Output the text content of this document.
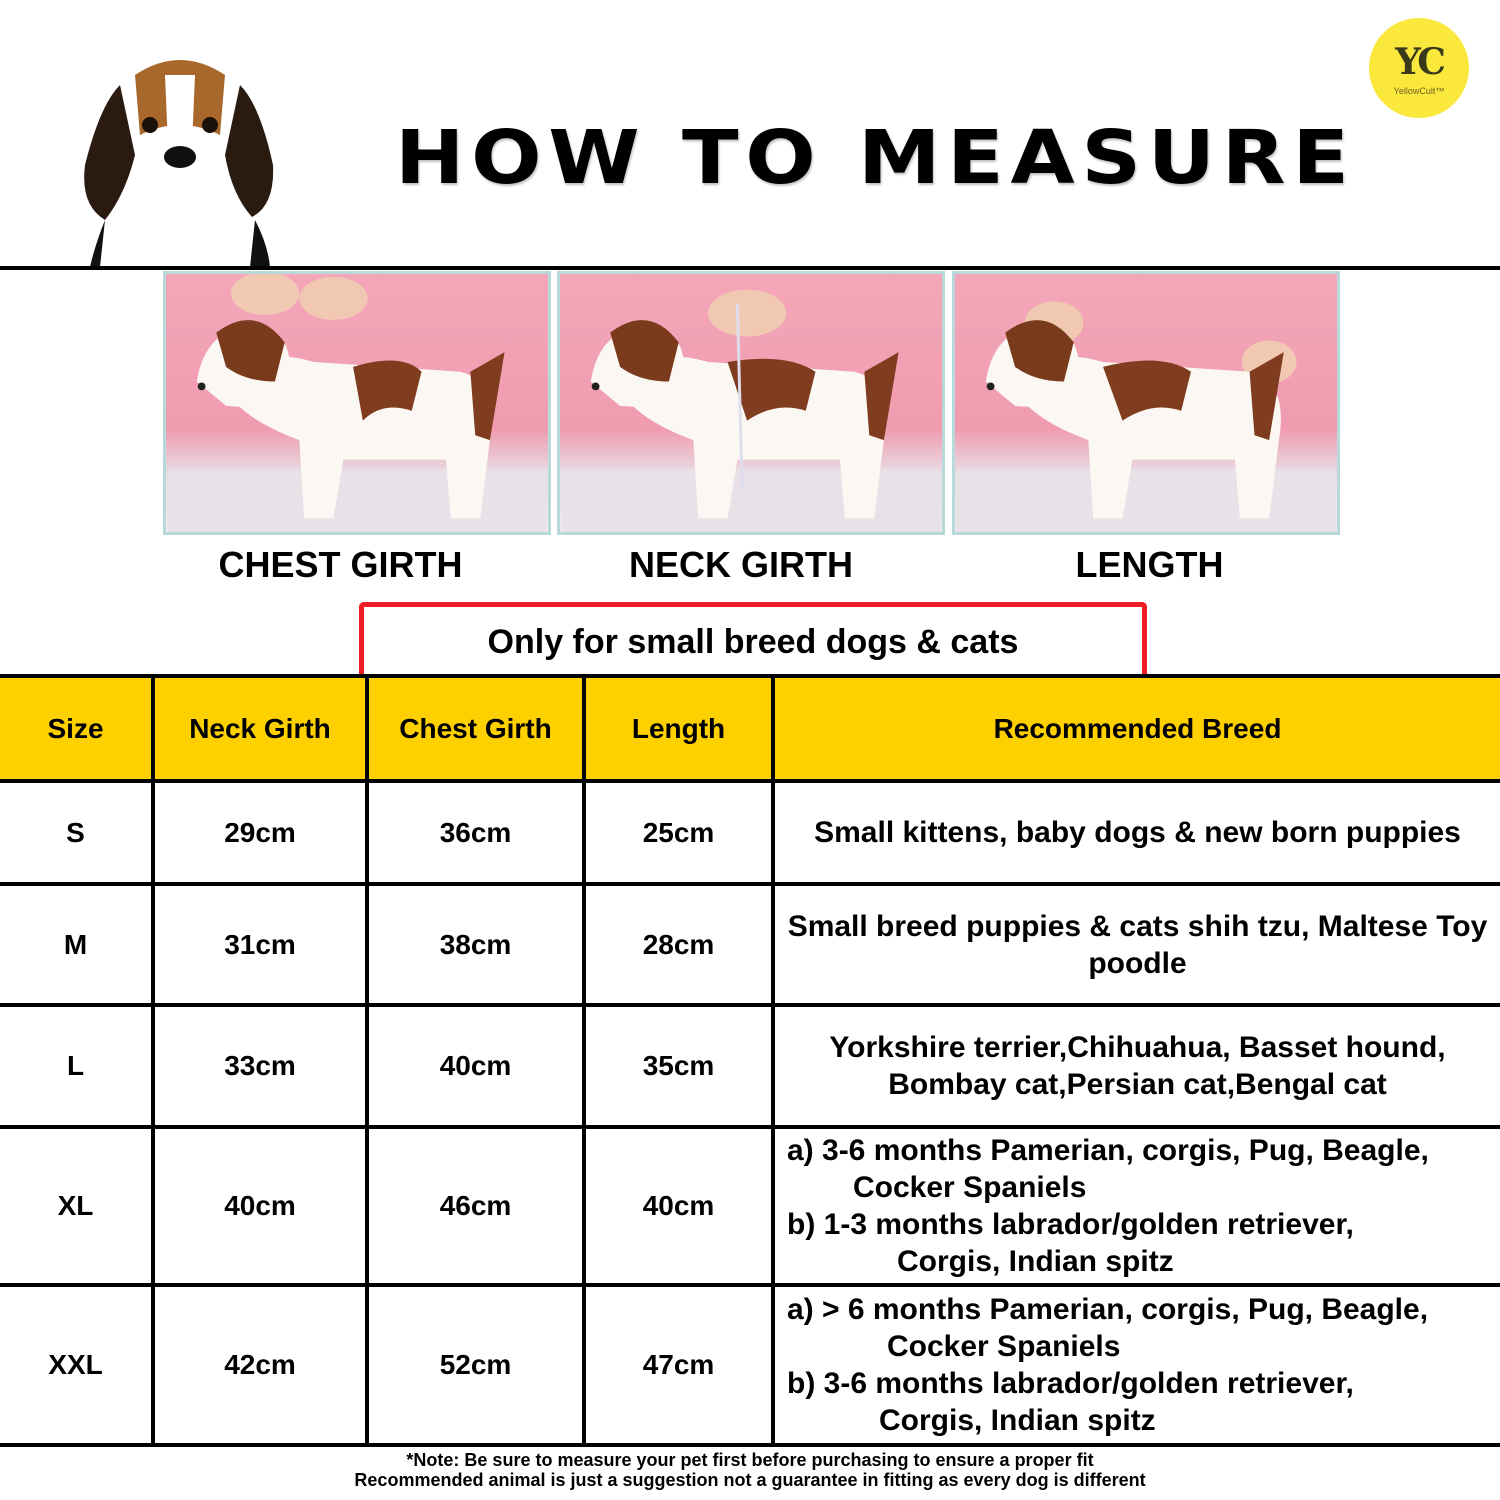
HOW TO MEASURE
YC
YellowCult™
CHEST GIRTH	NECK GIRTH	LENGTH
Only for small breed dogs & cats
Size	Neck Girth	Chest Girth	Length	Recommended Breed
S	29cm	36cm	25cm	Small kittens, baby dogs & new born puppies
M	31cm	38cm	28cm	Small breed puppies & cats shih tzu, Maltese Toy
poodle

L	33cm	40cm	35cm	Yorkshire terrier,Chihuahua, Basset hound,
Bombay cat,Persian cat,Bengal cat

XL	40cm	46cm	40cm	a) 3-6 months Pamerian, corgis, Pug, Beagle,
Cocker Spaniels
b) 1-3 months labrador/golden retriever,
Corgis, Indian spitz

XXL	42cm	52cm	47cm	a) > 6 months Pamerian, corgis, Pug, Beagle,
Cocker Spaniels
b) 3-6 months labrador/golden retriever,
Corgis, Indian spitz
*Note: Be sure to measure your pet first before purchasing to ensure a proper fit
Recommended animal is just a suggestion not a guarantee in fitting as every dog is different
